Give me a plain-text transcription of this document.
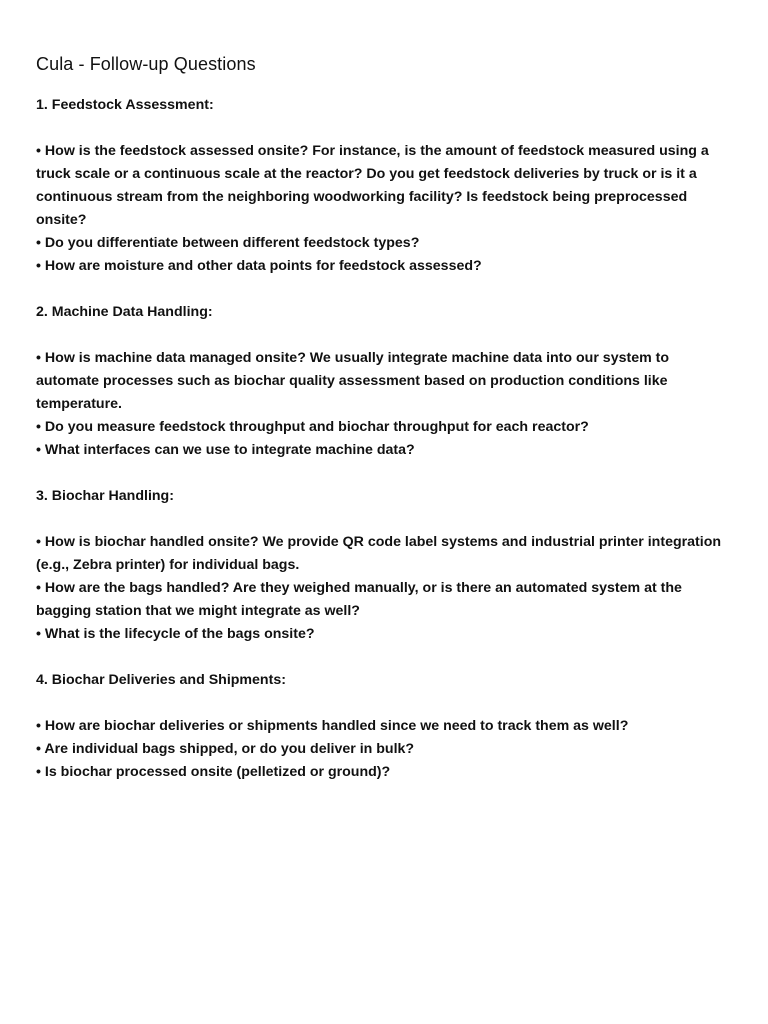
Cula - Follow-up Questions

1. Feedstock Assessment:

• How is the feedstock assessed onsite? For instance, is the amount of feedstock measured using a truck scale or a continuous scale at the reactor? Do you get feedstock deliveries by truck or is it a continuous stream from the neighboring woodworking facility? Is feedstock being preprocessed onsite?
• Do you differentiate between different feedstock types?
• How are moisture and other data points for feedstock assessed?

2. Machine Data Handling:

• How is machine data managed onsite? We usually integrate machine data into our system to automate processes such as biochar quality assessment based on production conditions like temperature.
• Do you measure feedstock throughput and biochar throughput for each reactor?
• What interfaces can we use to integrate machine data?

3. Biochar Handling:

• How is biochar handled onsite? We provide QR code label systems and industrial printer integration (e.g., Zebra printer) for individual bags.
• How are the bags handled? Are they weighed manually, or is there an automated system at the bagging station that we might integrate as well?
• What is the lifecycle of the bags onsite?

4. Biochar Deliveries and Shipments:

• How are biochar deliveries or shipments handled since we need to track them as well?
• Are individual bags shipped, or do you deliver in bulk?
• Is biochar processed onsite (pelletized or ground)?
